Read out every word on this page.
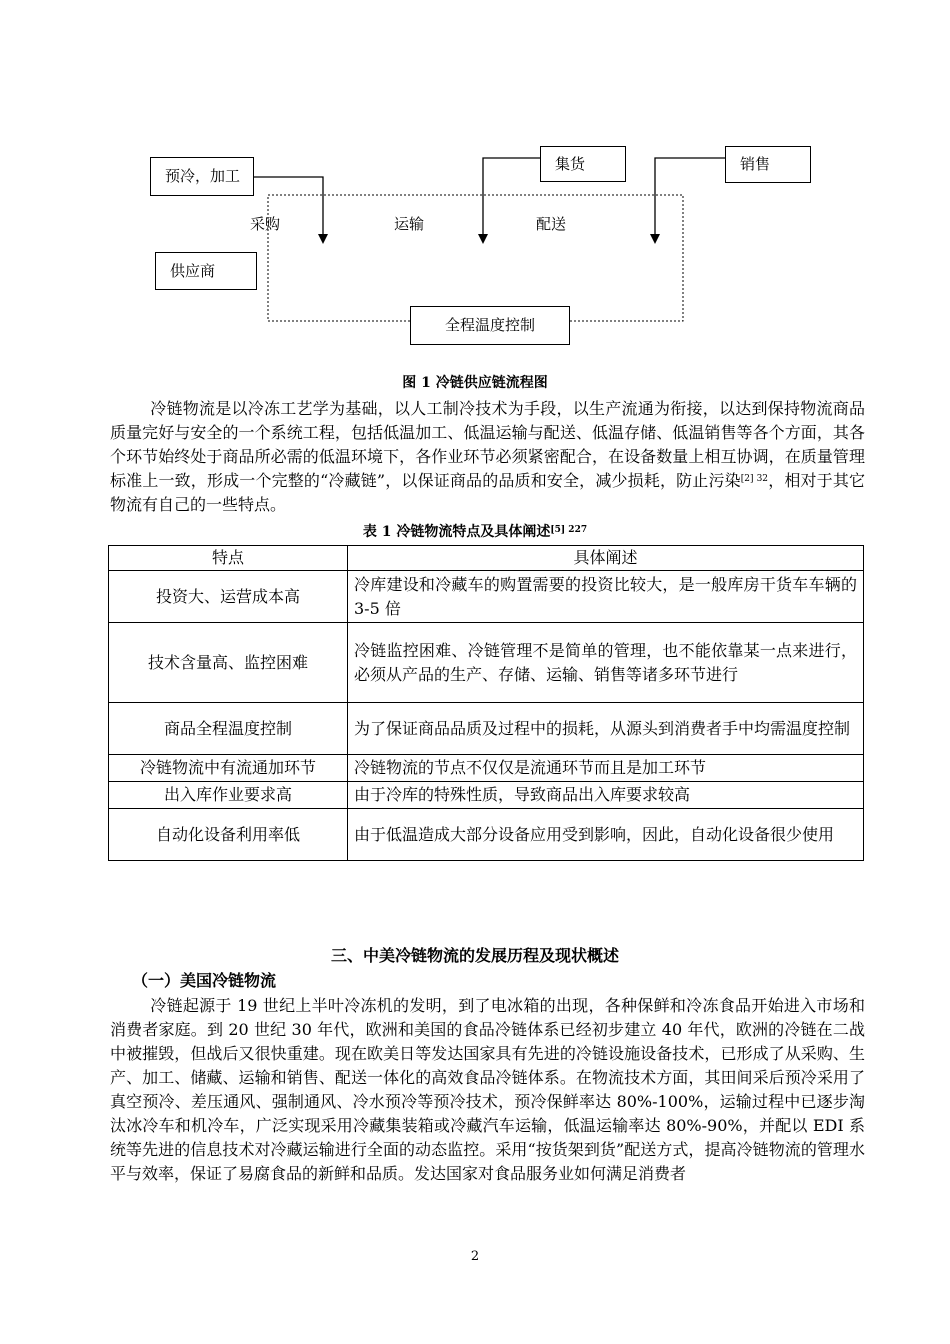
预冷，加工
集货	销售
供应商
全程温度控制
采购	运输	配送
图 1 冷链供应链流程图

冷链物流是以冷冻工艺学为基础，以人工制冷技术为手段，以生产流通为衔接，以达到保持物流商品质量完好与安全的一个系统工程，包括低温加工、低温运输与配送、低温存储、低温销售等各个方面，其各个环节始终处于商品所必需的低温环境下，各作业环节必须紧密配合，在设备数量上相互协调，在质量管理标准上一致，形成一个完整的“冷藏链”，以保证商品的品质和安全，减少损耗，防止污染$^{[2] 32}$，相对于其它物流有自己的一些特点。

表 1 冷链物流特点及具体阐述$^{[5] 227}$
特点	具体阐述
投资大、运营成本高	冷库建设和冷藏车的购置需要的投资比较大，是一般库房干货车车辆的 3-5 倍
技术含量高、监控困难	冷链监控困难、冷链管理不是简单的管理，也不能依靠某一点来进行，必须从产品的生产、存储、运输、销售等诸多环节进行
商品全程温度控制	为了保证商品品质及过程中的损耗，从源头到消费者手中均需温度控制
冷链物流中有流通加环节	冷链物流的节点不仅仅是流通环节而且是加工环节
出入库作业要求高	由于冷库的特殊性质，导致商品出入库要求较高
自动化设备利用率低	由于低温造成大部分设备应用受到影响，因此，自动化设备很少使用
三、中美冷链物流的发展历程及现状概述
（一）美国冷链物流

冷链起源于 19 世纪上半叶冷冻机的发明，到了电冰箱的出现，各种保鲜和冷冻食品开始进入市场和消费者家庭。到 20 世纪 30 年代，欧洲和美国的食品冷链体系已经初步建立 40 年代，欧洲的冷链在二战中被摧毁，但战后又很快重建。现在欧美日等发达国家具有先进的冷链设施设备技术，已形成了从采购、生产、加工、储藏、运输和销售、配送一体化的高效食品冷链体系。在物流技术方面，其田间采后预冷采用了真空预冷、差压通风、强制通风、冷水预冷等预冷技术，预冷保鲜率达 80%-100%，运输过程中已逐步淘汰冰冷车和机冷车，广泛实现采用冷藏集装箱或冷藏汽车运输，低温运输率达 80%-90%，并配以 EDI 系统等先进的信息技术对冷藏运输进行全面的动态监控。采用“按货架到货”配送方式，提高冷链物流的管理水平与效率，保证了易腐食品的新鲜和品质。发达国家对食品服务业如何满足消费者

2
